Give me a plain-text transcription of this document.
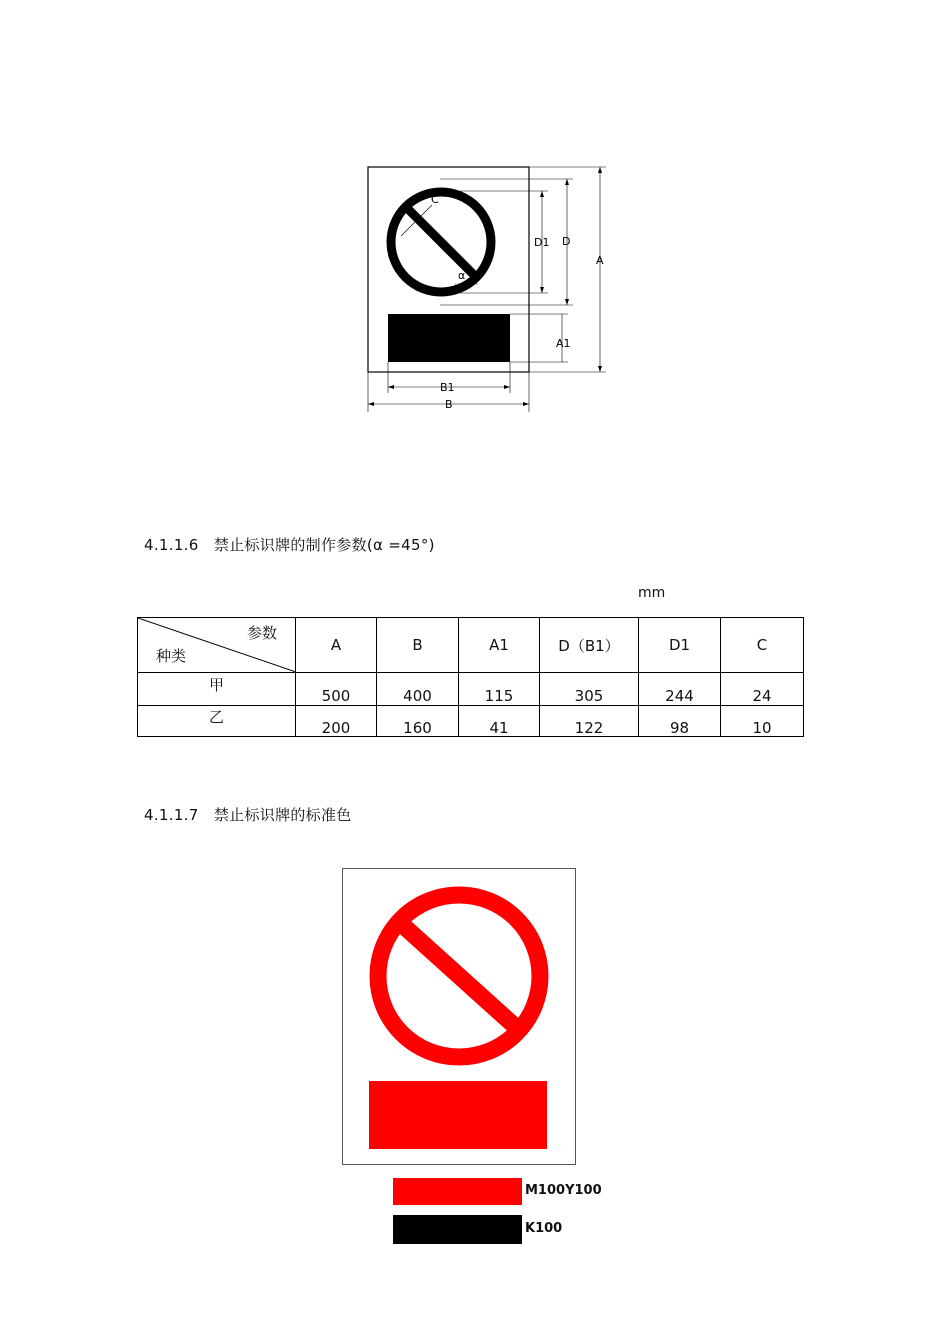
D1 D
A
A1
B1
B
C
α
4.1.1.6　禁止标识牌的制作参数(α =45°)
mm
参数
种类	A	B	A1	D（B1）	D1	C

甲	500	400	115	305	244	24

乙	200	160	41	122	98	10
4.1.1.7　禁止标识牌的标准色
M100Y100
K100
